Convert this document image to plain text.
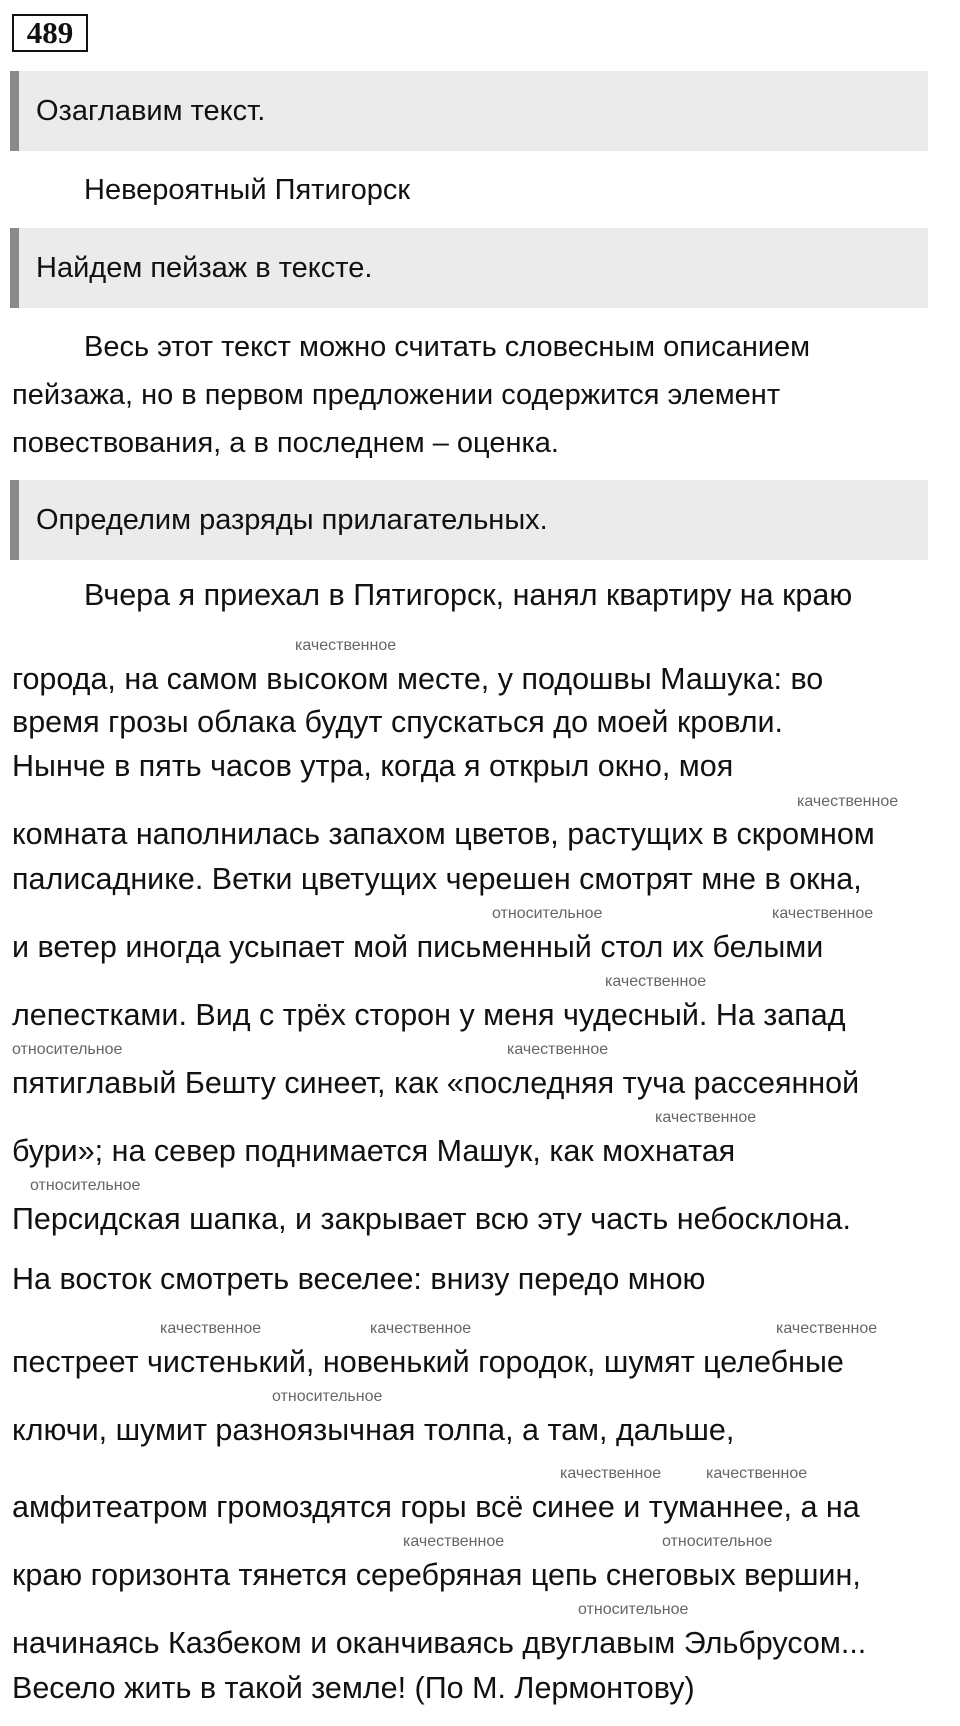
489
Озаглавим текст.
Невероятный Пятигорск
Найдем пейзаж в тексте.
Весь этот текст можно считать словесным описанием
пейзажа, но в первом предложении содержится элемент
повествования, а в последнем – оценка.
Определим разряды прилагательных.
Вчера я приехал в Пятигорск, нанял квартиру на краю
города, на самом высоком месте, у подошвы Машука: во
время грозы облака будут спускаться до моей кровли.
Нынче в пять часов утра, когда я открыл окно, моя
комната наполнилась запахом цветов, растущих в скромном
палисаднике. Ветки цветущих черешен смотрят мне в окна,
и ветер иногда усыпает мой письменный стол их белыми
лепестками. Вид с трёх сторон у меня чудесный. На запад
пятиглавый Бешту синеет, как «последняя туча рассеянной
бури»; на север поднимается Машук, как мохнатая
Персидская шапка, и закрывает всю эту часть небосклона.
На восток смотреть веселее: внизу передо мною
пестреет чистенький, новенький городок, шумят целебные
ключи, шумит разноязычная толпа, а там, дальше,
амфитеатром громоздятся горы всё синее и туманнее, а на
краю горизонта тянется серебряная цепь снеговых вершин,
начинаясь Казбеком и оканчиваясь двуглавым Эльбрусом...
Весело жить в такой земле! (По М. Лермонтову)
качественное
качественное
относительное	качественное
качественное
относительное	качественное
качественное
относительное
качественное	качественное	качественное
относительное
качественное	качественное
качественное	относительное
относительное
